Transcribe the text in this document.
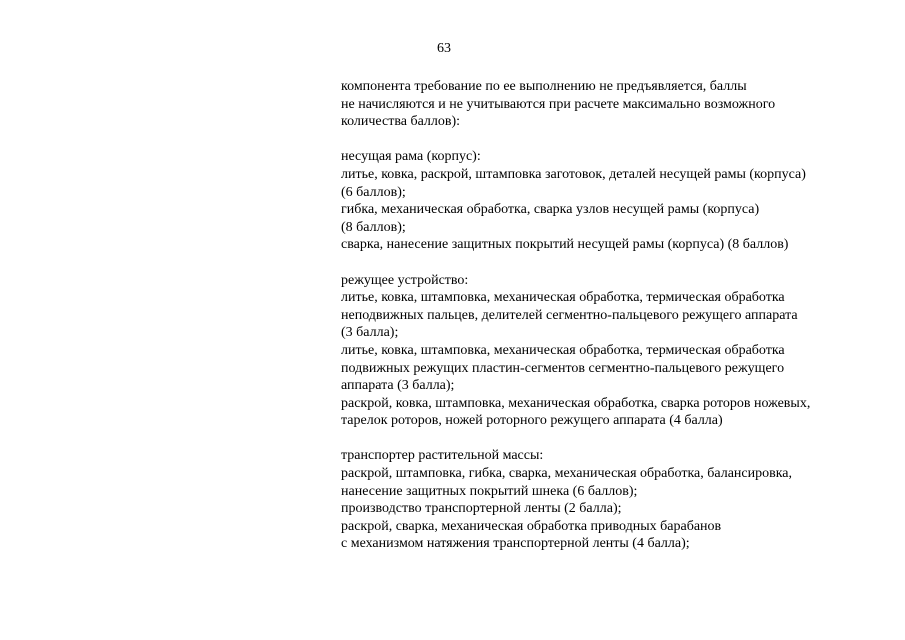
63
компонента требование по ее выполнению не предъявляется, баллы
не начисляются и не учитываются при расчете максимально возможного
количества баллов):
несущая рама (корпус):
литье, ковка, раскрой, штамповка заготовок, деталей несущей рамы (корпуса)
(6 баллов);
гибка, механическая обработка, сварка узлов несущей рамы (корпуса)
(8 баллов);
сварка, нанесение защитных покрытий несущей рамы (корпуса) (8 баллов)
режущее устройство:
литье, ковка, штамповка, механическая обработка, термическая обработка
неподвижных пальцев, делителей сегментно-пальцевого режущего аппарата
(3 балла);
литье, ковка, штамповка, механическая обработка, термическая обработка
подвижных режущих пластин-сегментов сегментно-пальцевого режущего
аппарата (3 балла);
раскрой, ковка, штамповка, механическая обработка, сварка роторов ножевых,
тарелок роторов, ножей роторного режущего аппарата (4 балла)
транспортер растительной массы:
раскрой, штамповка, гибка, сварка, механическая обработка, балансировка,
нанесение защитных покрытий шнека (6 баллов);
производство транспортерной ленты (2 балла);
раскрой, сварка, механическая обработка приводных барабанов
с механизмом натяжения транспортерной ленты (4 балла);
